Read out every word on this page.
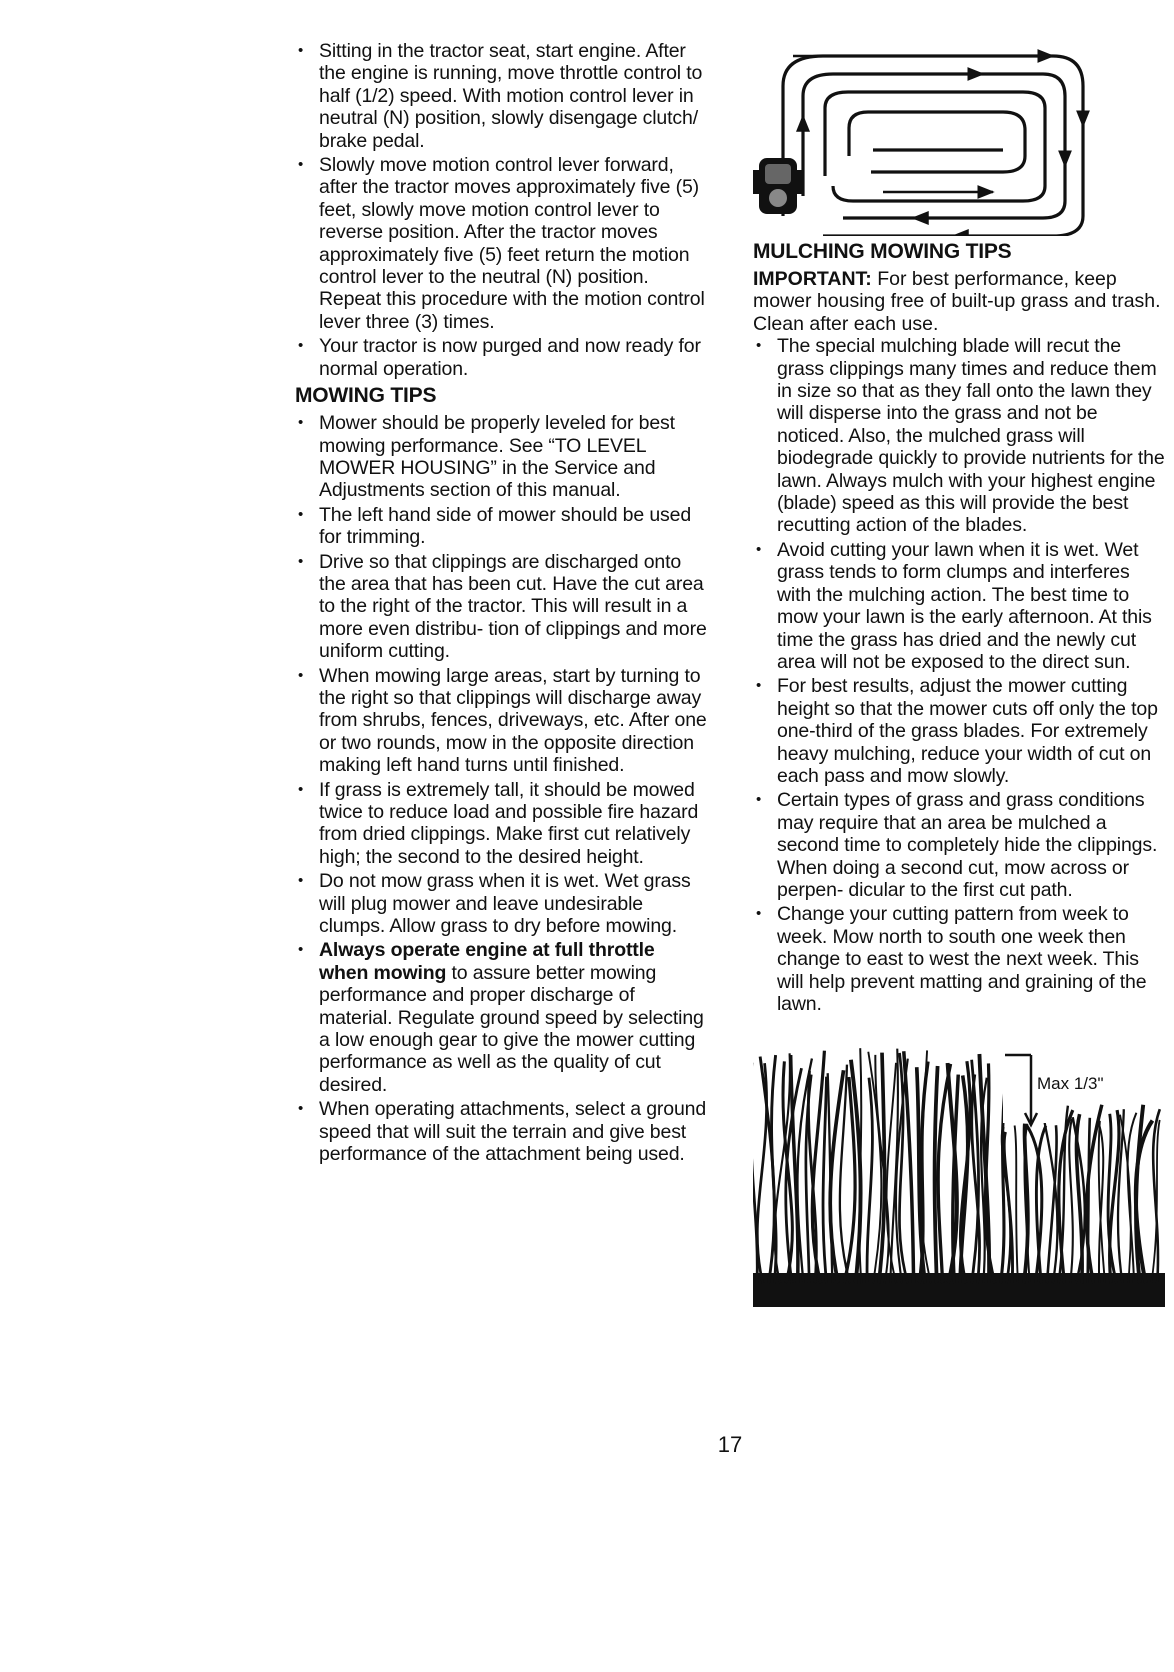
• Sitting in the tractor seat, start engine. After the engine is running, move throttle control to half (1/2) speed. With motion control lever in neutral (N) position, slowly disengage clutch/ brake pedal.
• Slowly move motion control lever forward, after the tractor moves approximately five (5) feet, slowly move motion control lever to reverse position. After the tractor moves approximately five (5) feet return the motion control lever to the neutral (N) position. Repeat this procedure with the motion control lever three (3) times.
• Your tractor is now purged and now ready for normal operation.
MOWING TIPS
• Mower should be properly leveled for best mowing performance. See “TO LEVEL MOWER HOUSING” in the Service and Adjustments section of this manual.
• The left hand side of mower should be used for trimming.
• Drive so that clippings are discharged onto the area that has been cut. Have the cut area to the right of the tractor. This will result in a more even distribu- tion of clippings and more uniform cutting.
• When mowing large areas, start by turning to the right so that clippings will discharge away from shrubs, fences, driveways, etc. After one or two rounds, mow in the opposite direction making left hand turns until finished.
• If grass is extremely tall, it should be mowed twice to reduce load and possible fire hazard from dried clippings. Make first cut relatively high; the second to the desired height.
• Do not mow grass when it is wet. Wet grass will plug mower and leave undesirable clumps. Allow grass to dry before mowing.
• Always operate engine at full throttle when mowing to assure better mowing performance and proper discharge of material. Regulate ground speed by selecting a low enough gear to give the mower cutting performance as well as the quality of cut desired.
• When operating attachments, select a ground speed that will suit the terrain and give best performance of the attachment being used.
MULCHING MOWING TIPS

IMPORTANT: For best performance, keep mower housing free of built-up grass and trash. Clean after each use.

• The special mulching blade will recut the grass clippings many times and reduce them in size so that as they fall onto the lawn they will disperse into the grass and not be noticed. Also, the mulched grass will biodegrade quickly to provide nutrients for the lawn. Always mulch with your highest engine (blade) speed as this will provide the best recutting action of the blades.
• Avoid cutting your lawn when it is wet. Wet grass tends to form clumps and interferes with the mulching action. The best time to mow your lawn is the early afternoon. At this time the grass has dried and the newly cut area will not be exposed to the direct sun.
• For best results, adjust the mower cutting height so that the mower cuts off only the top one-third of the grass blades. For extremely heavy mulching, reduce your width of cut on each pass and mow slowly.
• Certain types of grass and grass conditions may require that an area be mulched a second time to completely hide the clippings. When doing a second cut, mow across or perpen- dicular to the first cut path.
• Change your cutting pattern from week to week. Mow north to south one week then change to east to west the next week. This will help prevent matting and graining of the lawn.
Max 1/3"
17
